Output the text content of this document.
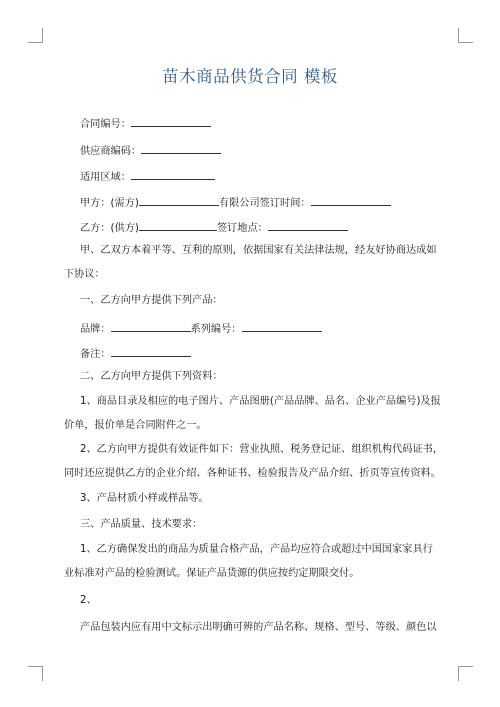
苗木商品供货合同 模板
合同编号：
供应商编码：
适用区域：
甲方：(需方)	有限公司签订时间：
乙方：(供方)	签订地点：
甲、乙双方本着平等、互利的原则，依据国家有关法律法规，经友好协商达成如
下协议：
一、乙方向甲方提供下列产品：
品牌：	系列编号：
备注：
二、乙方向甲方提供下列资料：
1、商品目录及相应的电子图片、产品图册(产品品牌、品名、企业产品编号)及报
价单，报价单是合同附件之一。
2、乙方向甲方提供有效证件如下：营业执照、税务登记证、组织机构代码证书，
同时还应提供乙方的企业介绍、各种证书、检验报告及产品介绍、折页等宣传资料。
3、产品材质小样或样品等。
三、产品质量、技术要求：
1、乙方确保发出的商品为质量合格产品，产品均应符合或超过中国国家家具行
业标准对产品的检验测试。保证产品货源的供应按约定期限交付。
2、
产品包装内应有用中文标示出明确可辨的产品名称、规格、型号、等级、颜色以
